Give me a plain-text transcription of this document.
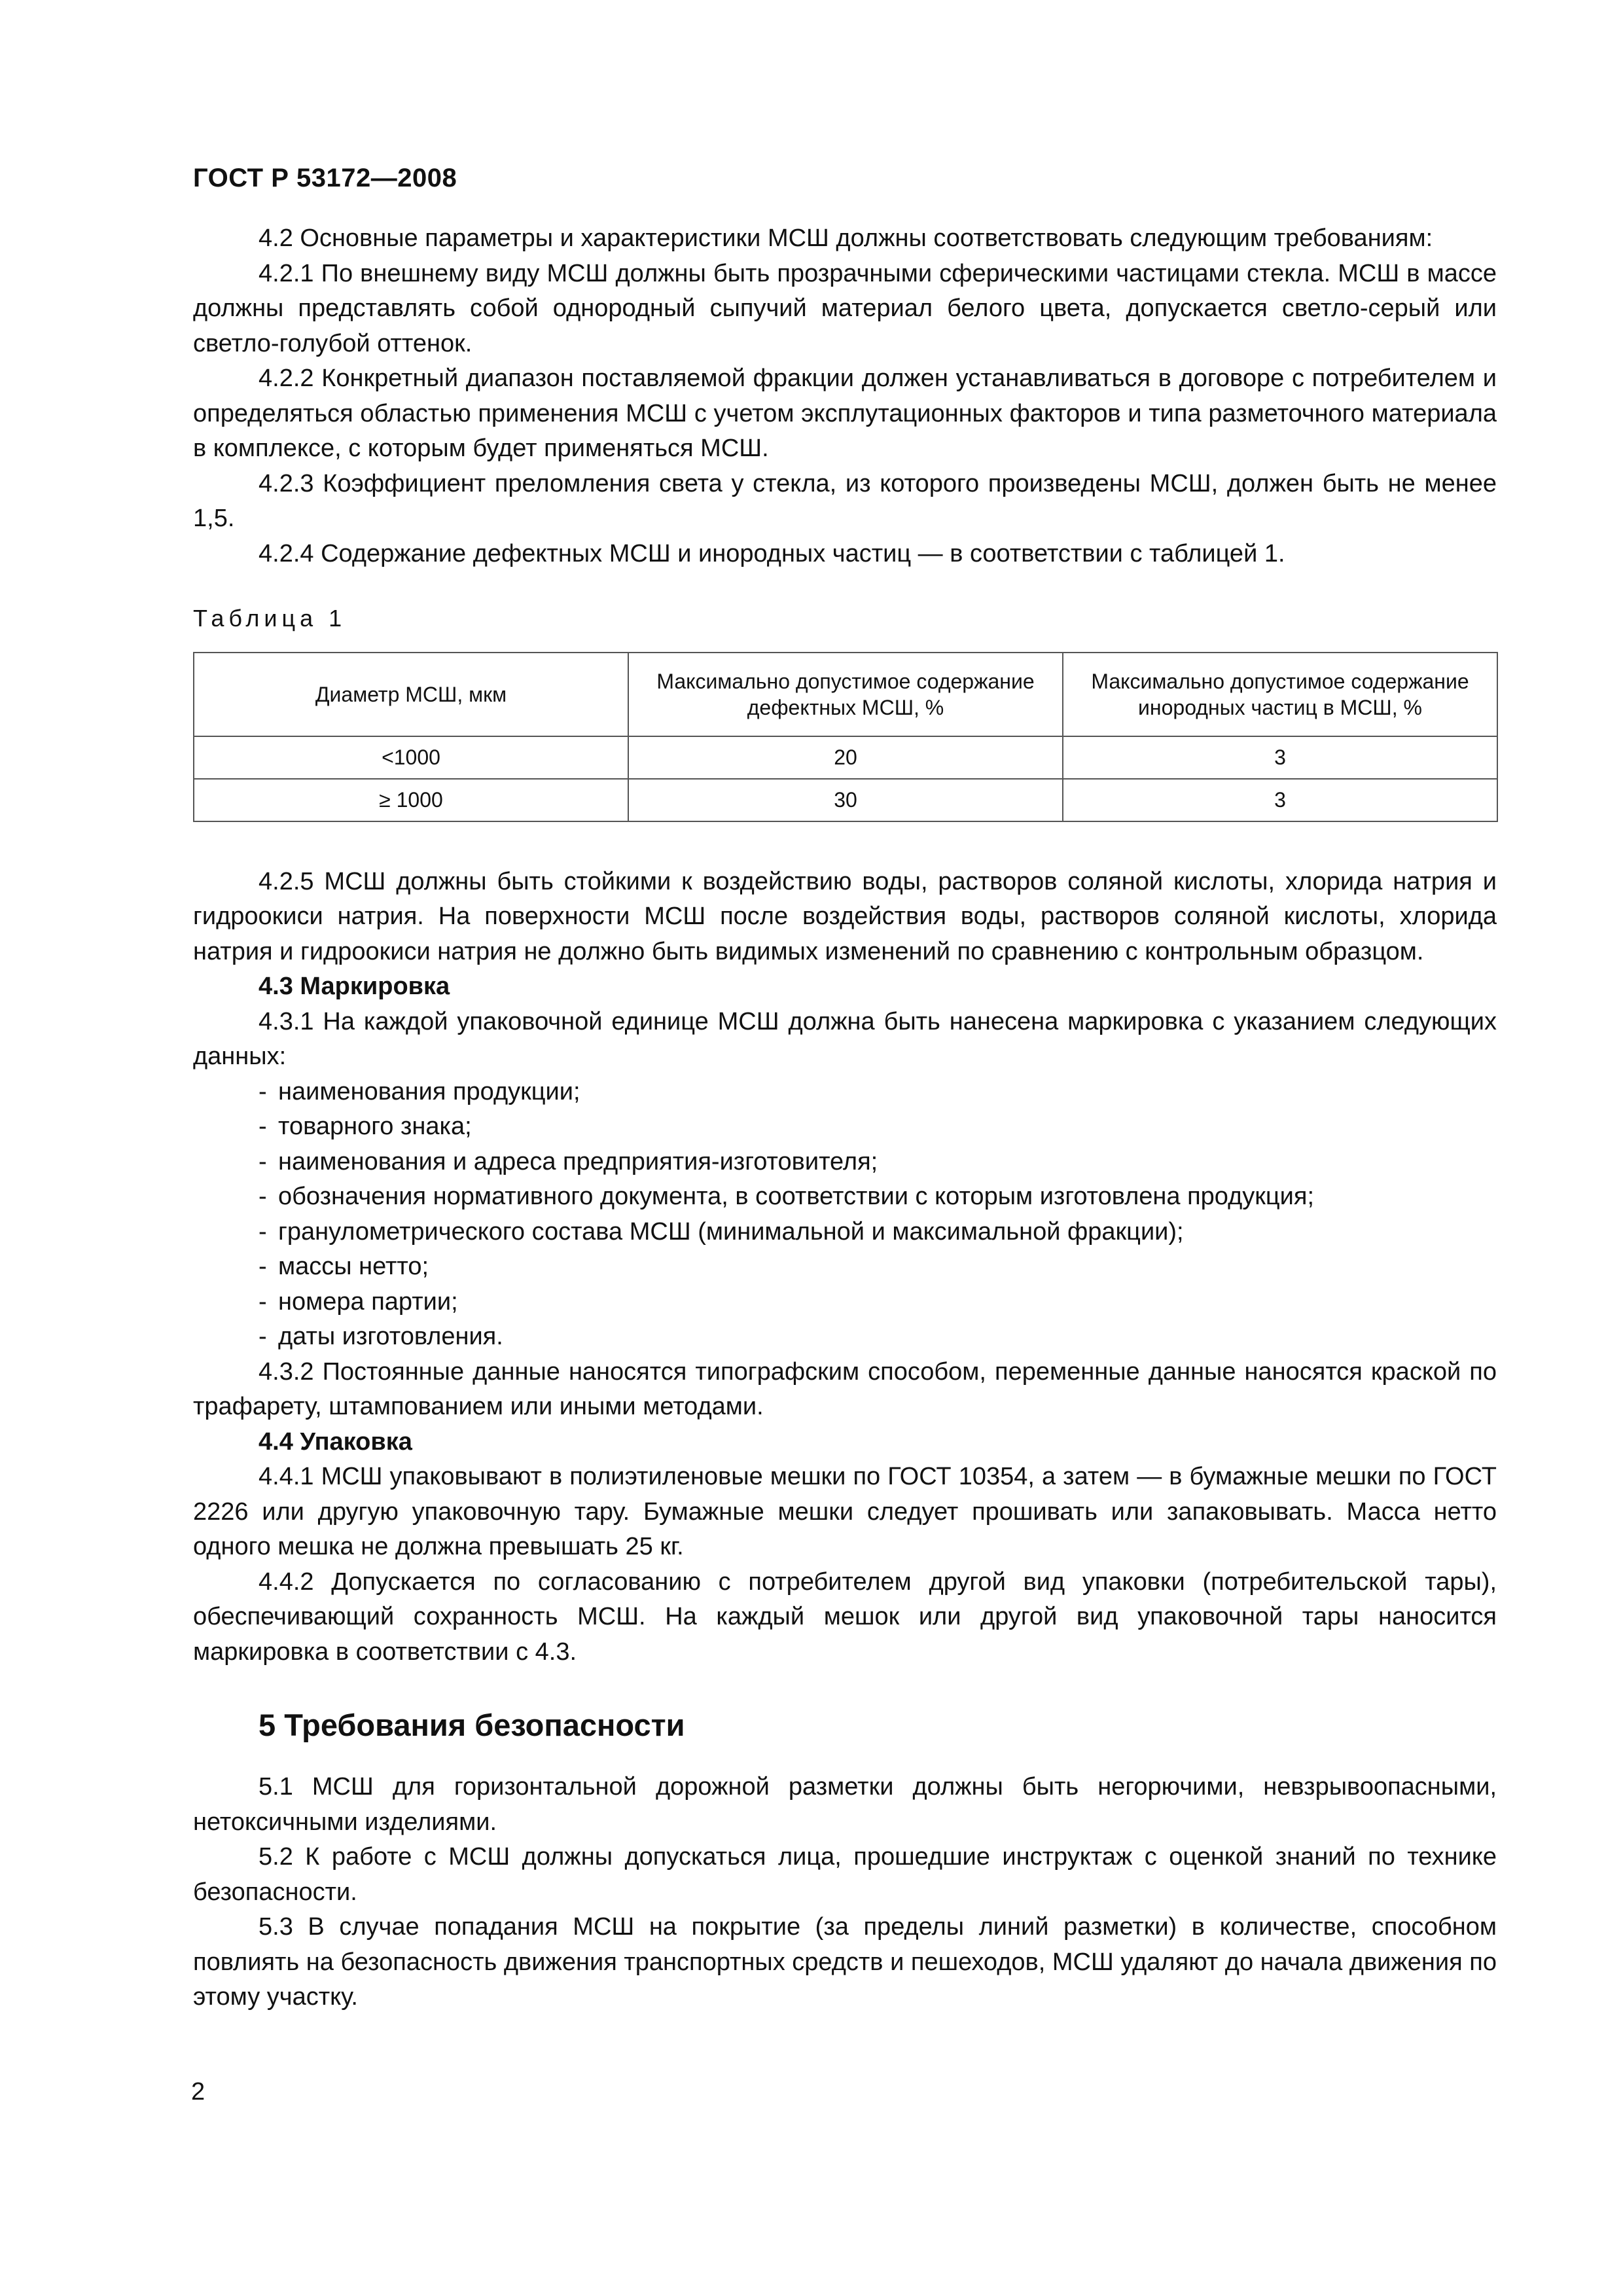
ГОСТ Р 53172—2008

4.2 Основные параметры и характеристики МСШ должны соответствовать следующим требованиям:

4.2.1 По внешнему виду МСШ должны быть прозрачными сферическими частицами стекла. МСШ в массе должны представлять собой однородный сыпучий материал белого цвета, допускается светло-серый или светло-голубой оттенок.

4.2.2 Конкретный диапазон поставляемой фракции должен устанавливаться в договоре с потребителем и определяться областью применения МСШ с учетом эксплутационных факторов и типа разметочного материала в комплексе, с которым будет применяться МСШ.

4.2.3 Коэффициент преломления света у стекла, из которого произведены МСШ, должен быть не менее 1,5.

4.2.4 Содержание дефектных МСШ и инородных частиц — в соответствии с таблицей 1.

Таблица 1
Диаметр МСШ, мкм	Максимально допустимое содержание дефектных МСШ, %	Максимально допустимое содержание инородных частиц в МСШ, %
<1000	20	3
≥ 1000	30	3

4.2.5 МСШ должны быть стойкими к воздействию воды, растворов соляной кислоты, хлорида натрия и гидроокиси натрия. На поверхности МСШ после воздействия воды, растворов соляной кислоты, хлорида натрия и гидроокиси натрия не должно быть видимых изменений по сравнению с контрольным образцом.

4.3 Маркировка

4.3.1 На каждой упаковочной единице МСШ должна быть нанесена маркировка с указанием следующих данных:

- наименования продукции;

- товарного знака;

- наименования и адреса предприятия-изготовителя;

- обозначения нормативного документа, в соответствии с которым изготовлена продукция;

- гранулометрического состава МСШ (минимальной и максимальной фракции);

- массы нетто;

- номера партии;

- даты изготовления.

4.3.2 Постоянные данные наносятся типографским способом, переменные данные наносятся краской по трафарету, штампованием или иными методами.

4.4 Упаковка

4.4.1 МСШ упаковывают в полиэтиленовые мешки по ГОСТ 10354, а затем — в бумажные мешки по ГОСТ 2226 или другую упаковочную тару. Бумажные мешки следует прошивать или запаковывать. Масса нетто одного мешка не должна превышать 25 кг.

4.4.2 Допускается по согласованию с потребителем другой вид упаковки (потребительской тары), обеспечивающий сохранность МСШ. На каждый мешок или другой вид упаковочной тары наносится маркировка в соответствии с 4.3.

5 Требования безопасности

5.1 МСШ для горизонтальной дорожной разметки должны быть негорючими, невзрывоопасными, нетоксичными изделиями.

5.2 К работе с МСШ должны допускаться лица, прошедшие инструктаж с оценкой знаний по технике безопасности.

5.3 В случае попадания МСШ на покрытие (за пределы линий разметки) в количестве, способном повлиять на безопасность движения транспортных средств и пешеходов, МСШ удаляют до начала движения по этому участку.

2
